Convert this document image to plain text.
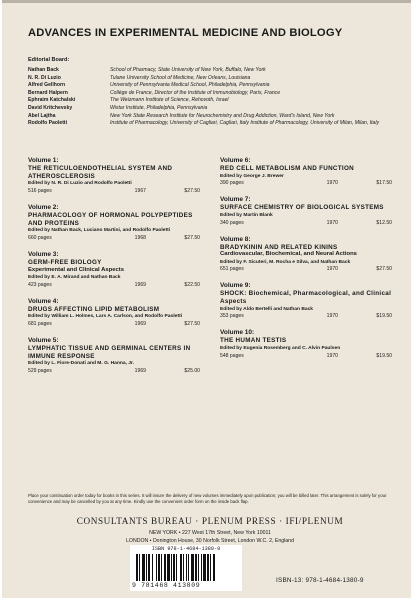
ADVANCES IN EXPERIMENTAL MEDICINE AND BIOLOGY
Editorial Board:
Nathan Back	School of Pharmacy, State University of New York, Buffalo, New York
N. R. Di Luzio	Tulane University School of Medicine, New Orleans, Louisiana
Alfred Gellhorn	University of Pennsylvania Medical School, Philadelphia, Pennsylvania
Bernard Halpern	Collège de France, Director of the Institute of Immunobiology, Paris, France
Ephraim Katchalski	The Weizmann Institute of Science, Rehovoth, Israel
David Kritchevsky	Wistar Institute, Philadelphia, Pennsylvania
Abel Lajtha	New York State Research Institute for Neurochemistry and Drug Addiction, Ward's Island, New York
Rodolfo Paoletti	Institute of Pharmacology, University of Cagliari, Cagliari, Italy Institute of Pharmacology, University of Milan, Milan, Italy
Volume 1:
THE RETICULOENDOTHELIAL SYSTEM AND ATHEROSCLEROSIS
Edited by N. R. Di Luzio and Rodolfo Paoletti
516 pages	1967	$27.50
Volume 2:
PHARMACOLOGY OF HORMONAL POLYPEPTIDES AND PROTEINS
Edited by Nathan Back, Luciano Martini, and Rodolfo Paoletti
660 pages	1968	$27.50
Volume 3:
GERM-FREE BIOLOGY
Experimental and Clinical Aspects
Edited by E. A. Mirand and Nathan Back
423 pages	1969	$22.50
Volume 4:
DRUGS AFFECTING LIPID METABOLISM
Edited by William L. Holmes, Lars A. Carlson, and Rodolfo Paoletti
681 pages	1969	$27.50
Volume 5:
LYMPHATIC TISSUE AND GERMINAL CENTERS IN IMMUNE RESPONSE
Edited by L. Fiore-Donati and M. G. Hanna, Jr.
529 pages	1969	$25.00
Volume 6:
RED CELL METABOLISM AND FUNCTION
Edited by George J. Brewer
390 pages	1970	$17.50
Volume 7:
SURFACE CHEMISTRY OF BIOLOGICAL SYSTEMS
Edited by Martin Blank
340 pages	1970	$12.50
Volume 8:
BRADYKININ AND RELATED KININS
Cardiovascular, Biochemical, and Neural Actions
Edited by F. Sicuteri, M. Rocha e Silva, and Nathan Back
651 pages	1970	$27.50
Volume 9:
SHOCK: Biochemical, Pharmacological, and Clinical Aspects
Edited by Aldo Bertelli and Nathan Back
353 pages	1970	$19.50
Volume 10:
THE HUMAN TESTIS
Edited by Eugenia Rosemberg and C. Alvin Paulsen
548 pages	1970	$19.50
Place your continuation order today for books in this series. It will insure the delivery of new volumes immediately upon publication; you will be billed later. This arrangement is solely for your convenience and may be cancelled by you at any time. Kindly use the convenient order form on the inside back flap.
CONSULTANTS BUREAU · PLENUM PRESS · IFI/PLENUM
NEW YORK • 227 West 17th Street, New York 10011
LONDON • Donington House, 30 Norfolk Street, London W.C. 2, England
ISBN 978-1-4684-1380-9
9 781468 413809
ISBN-13: 978-1-4684-1380-9
